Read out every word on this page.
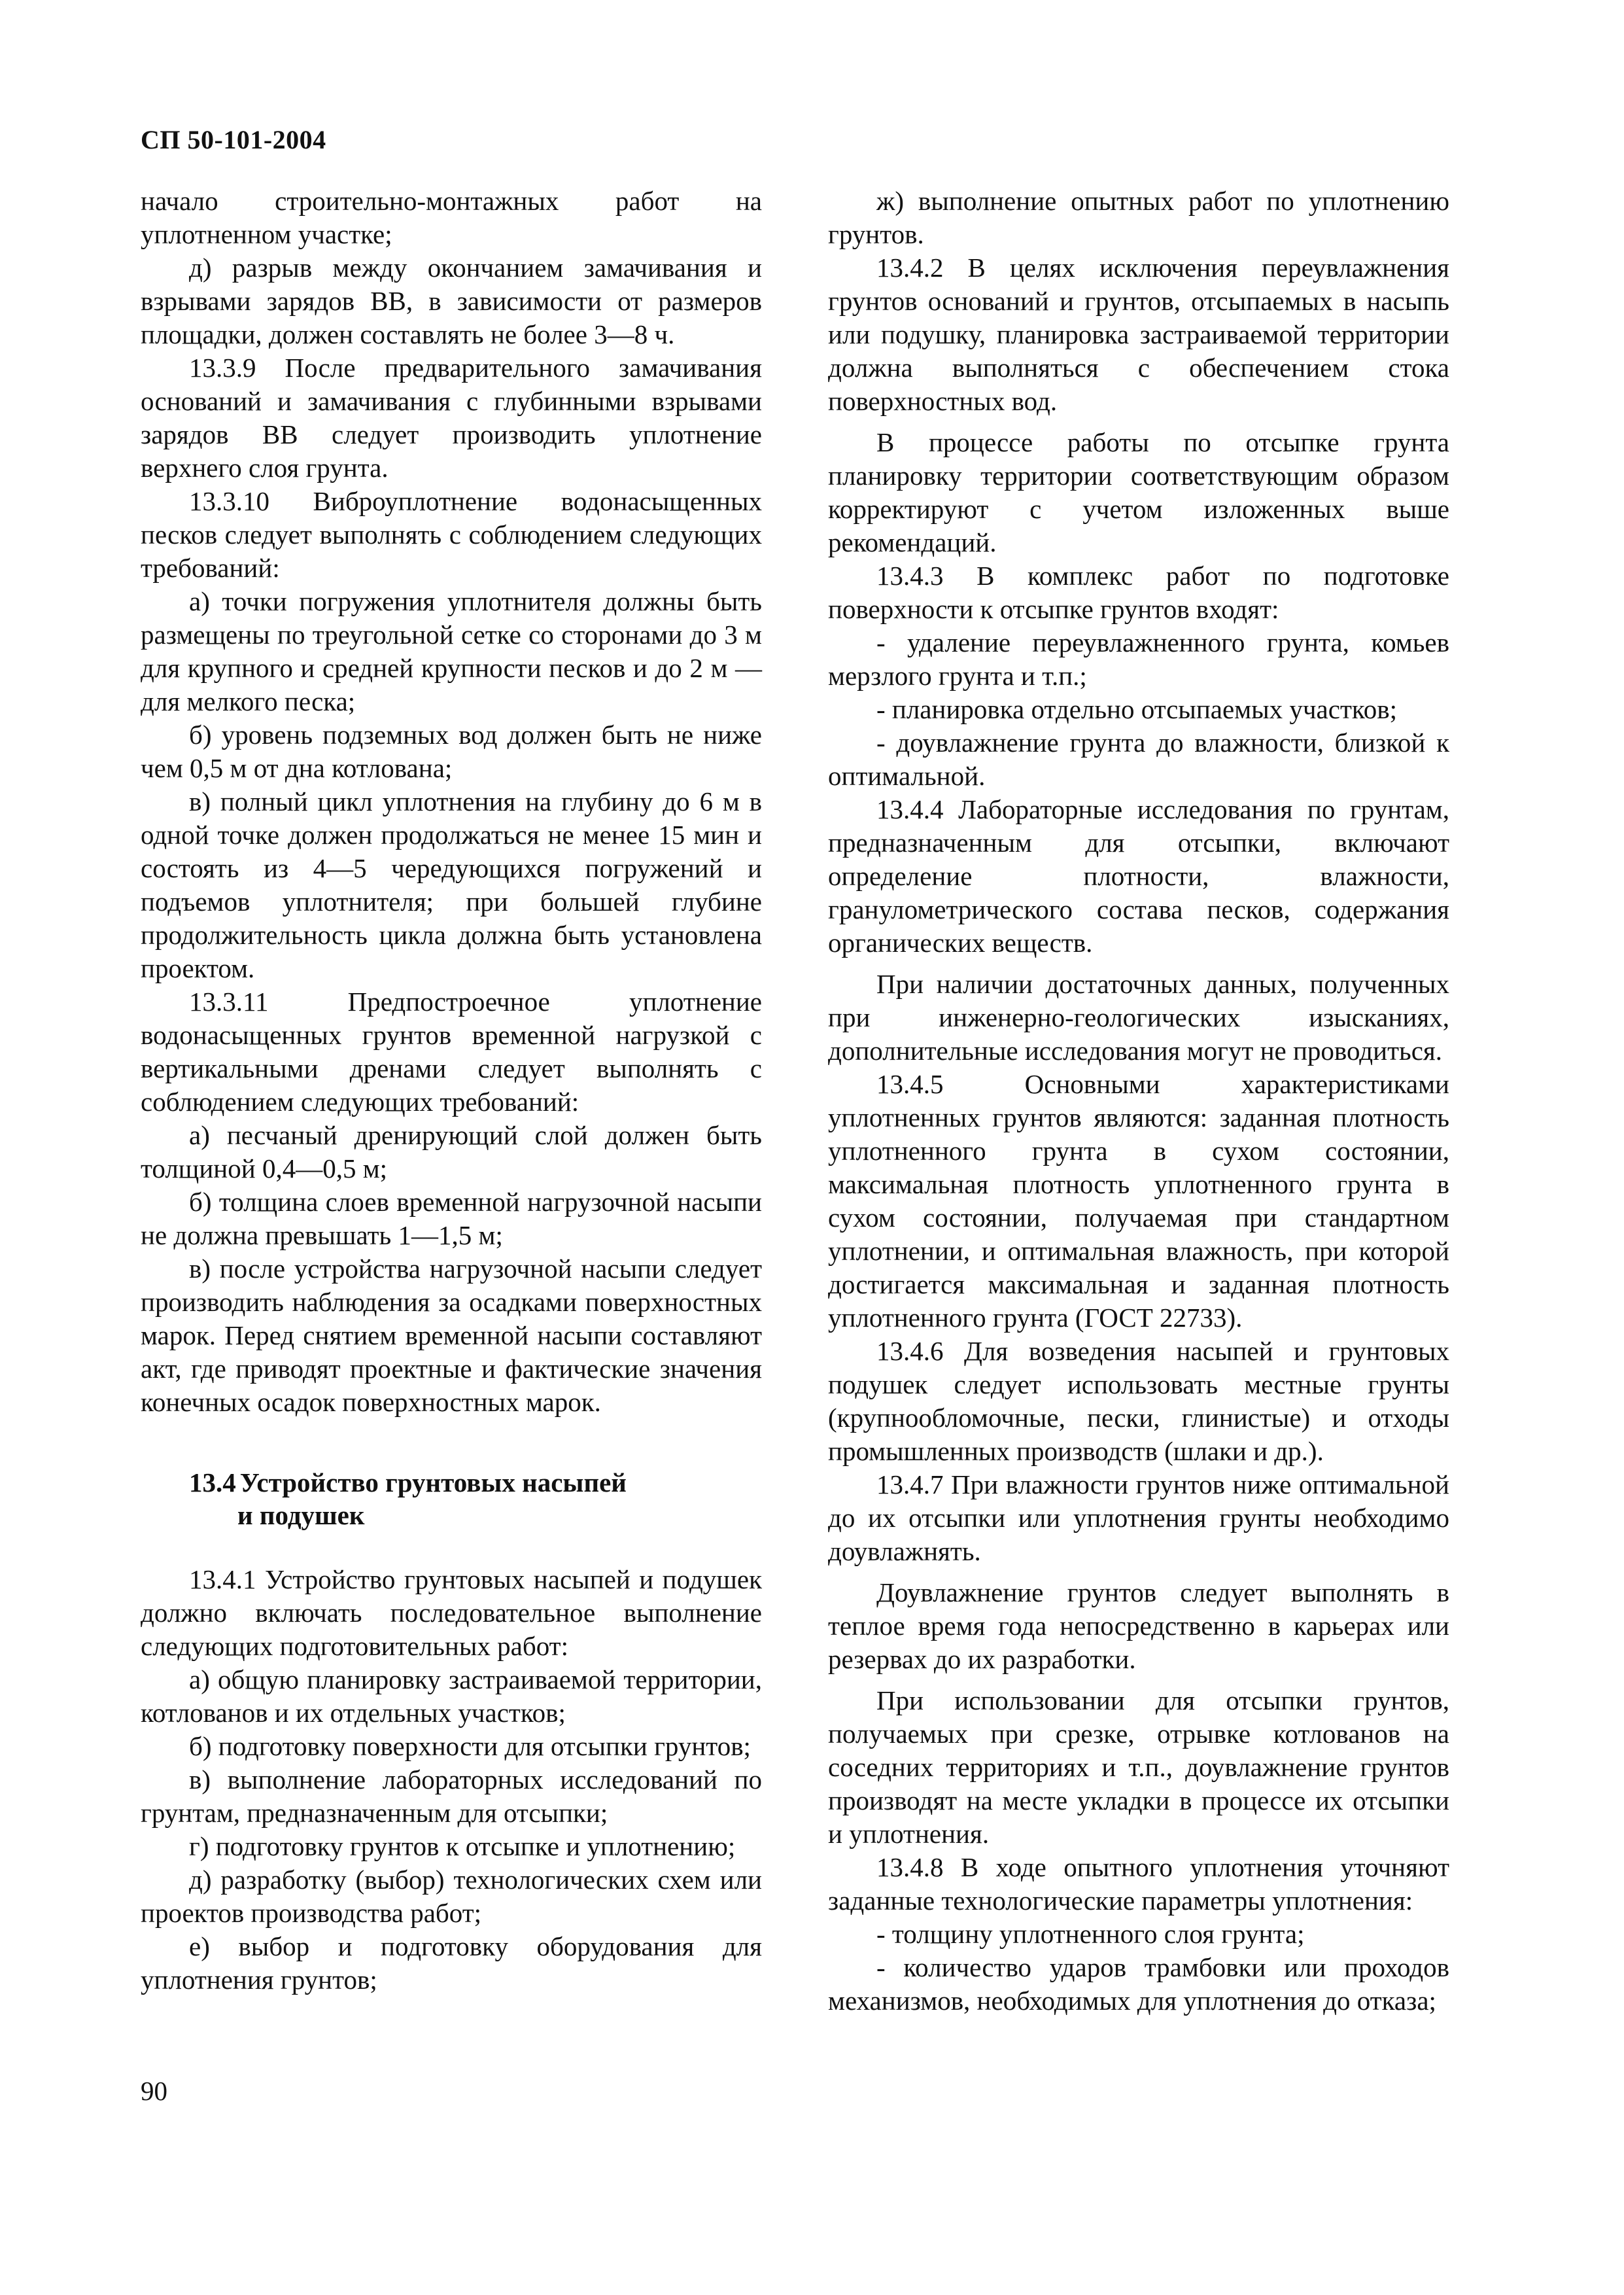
СП 50-101-2004

начало строительно-монтажных работ на уплотненном участке;

д) разрыв между окончанием замачивания и взрывами зарядов ВВ, в зависимости от размеров площадки, должен составлять не более 3—8 ч.

13.3.9 После предварительного замачивания оснований и замачивания с глубинными взрывами зарядов ВВ следует производить уплотнение верхнего слоя грунта.

13.3.10 Виброуплотнение водонасыщенных песков следует выполнять с соблюдением следующих требований:

а) точки погружения уплотнителя должны быть размещены по треугольной сетке со сторонами до 3 м для крупного и средней крупности песков и до 2 м — для мелкого песка;

б) уровень подземных вод должен быть не ниже чем 0,5 м от дна котлована;

в) полный цикл уплотнения на глубину до 6 м в одной точке должен продолжаться не менее 15 мин и состоять из 4—5 чередующихся погружений и подъемов уплотнителя; при большей глубине продолжительность цикла должна быть установлена проектом.

13.3.11 Предпостроечное уплотнение водонасыщенных грунтов временной нагрузкой с вертикальными дренами следует выполнять с соблюдением следующих требований:

а) песчаный дренирующий слой должен быть толщиной 0,4—0,5 м;

б) толщина слоев временной нагрузочной насыпи не должна превышать 1—1,5 м;

в) после устройства нагрузочной насыпи следует производить наблюдения за осадками поверхностных марок. Перед снятием временной насыпи составляют акт, где приводят проектные и фактические значения конечных осадок поверхностных марок.

13.4 Устройство грунтовых насыпей
и подушек

13.4.1 Устройство грунтовых насыпей и подушек должно включать последовательное выполнение следующих подготовительных работ:

а) общую планировку застраиваемой территории, котлованов и их отдельных участков;

б) подготовку поверхности для отсыпки грунтов;

в) выполнение лабораторных исследований по грунтам, предназначенным для отсыпки;

г) подготовку грунтов к отсыпке и уплотнению;

д) разработку (выбор) технологических схем или проектов производства работ;

е) выбор и подготовку оборудования для уплотнения грунтов;

ж) выполнение опытных работ по уплотнению грунтов.

13.4.2 В целях исключения переувлажнения грунтов оснований и грунтов, отсыпаемых в насыпь или подушку, планировка застраиваемой территории должна выполняться с обеспечением стока поверхностных вод.

В процессе работы по отсыпке грунта планировку территории соответствующим образом корректируют с учетом изложенных выше рекомендаций.

13.4.3 В комплекс работ по подготовке поверхности к отсыпке грунтов входят:

- удаление переувлажненного грунта, комьев мерзлого грунта и т.п.;

- планировка отдельно отсыпаемых участков;

- доувлажнение грунта до влажности, близкой к оптимальной.

13.4.4 Лабораторные исследования по грунтам, предназначенным для отсыпки, включают определение плотности, влажности, гранулометрического состава песков, содержания органических веществ.

При наличии достаточных данных, полученных при инженерно-геологических изысканиях, дополнительные исследования могут не проводиться.

13.4.5 Основными характеристиками уплотненных грунтов являются: заданная плотность уплотненного грунта в сухом состоянии, максимальная плотность уплотненного грунта в сухом состоянии, получаемая при стандартном уплотнении, и оптимальная влажность, при которой достигается максимальная и заданная плотность уплотненного грунта (ГОСТ 22733).

13.4.6 Для возведения насыпей и грунтовых подушек следует использовать местные грунты (крупнообломочные, пески, глинистые) и отходы промышленных производств (шлаки и др.).

13.4.7 При влажности грунтов ниже оптимальной до их отсыпки или уплотнения грунты необходимо доувлажнять.

Доувлажнение грунтов следует выполнять в теплое время года непосредственно в карьерах или резервах до их разработки.

При использовании для отсыпки грунтов, получаемых при срезке, отрывке котлованов на соседних территориях и т.п., доувлажнение грунтов производят на месте укладки в процессе их отсыпки и уплотнения.

13.4.8 В ходе опытного уплотнения уточняют заданные технологические параметры уплотнения:

- толщину уплотненного слоя грунта;

- количество ударов трамбовки или проходов механизмов, необходимых для уплотнения до отказа;

90
